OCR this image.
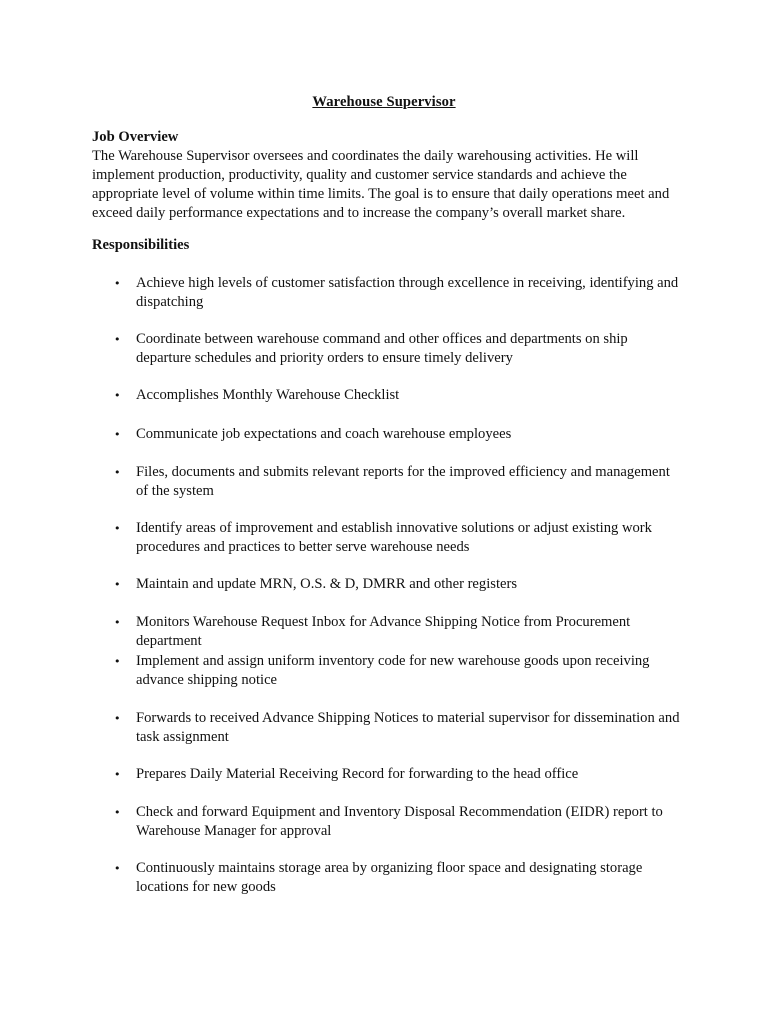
Warehouse Supervisor
Job Overview

The Warehouse Supervisor oversees and coordinates the daily warehousing activities. He will implement production, productivity, quality and customer service standards and achieve the appropriate level of volume within time limits. The goal is to ensure that daily operations meet and exceed daily performance expectations and to increase the company’s overall market share.

Responsibilities
• Achieve high levels of customer satisfaction through excellence in receiving, identifying and dispatching
• Coordinate between warehouse command and other offices and departments on ship departure schedules and priority orders to ensure timely delivery
• Accomplishes Monthly Warehouse Checklist
• Communicate job expectations and coach warehouse employees
• Files, documents and submits relevant reports for the improved efficiency and management of the system
• Identify areas of improvement and establish innovative solutions or adjust existing work procedures and practices to better serve warehouse needs
• Maintain and update MRN, O.S. & D, DMRR and other registers
• Monitors Warehouse Request Inbox for Advance Shipping Notice from Procurement department
• Implement and assign uniform inventory code for new warehouse goods upon receiving advance shipping notice
• Forwards to received Advance Shipping Notices to material supervisor for dissemination and task assignment
• Prepares Daily Material Receiving Record for forwarding to the head office
• Check and forward Equipment and Inventory Disposal Recommendation (EIDR) report to Warehouse Manager for approval
• Continuously maintains storage area by organizing floor space and designating storage locations for new goods
